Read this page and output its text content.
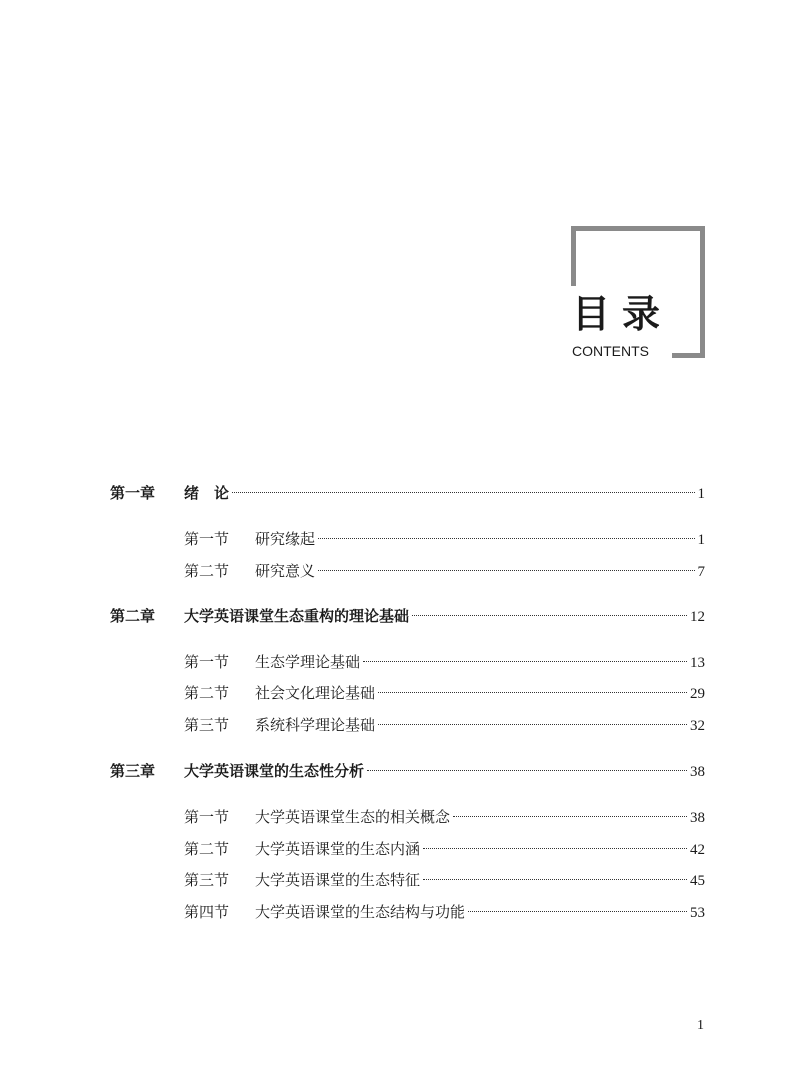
目录
CONTENTS
第一章 绪　论	1
第一节 研究缘起	1
第二节 研究意义	7
第二章 大学英语课堂生态重构的理论基础	12
第一节 生态学理论基础	13
第二节 社会文化理论基础	29
第三节 系统科学理论基础	32
第三章 大学英语课堂的生态性分析	38
第一节 大学英语课堂生态的相关概念	38
第二节 大学英语课堂的生态内涵	42
第三节 大学英语课堂的生态特征	45
第四节 大学英语课堂的生态结构与功能	53
1
